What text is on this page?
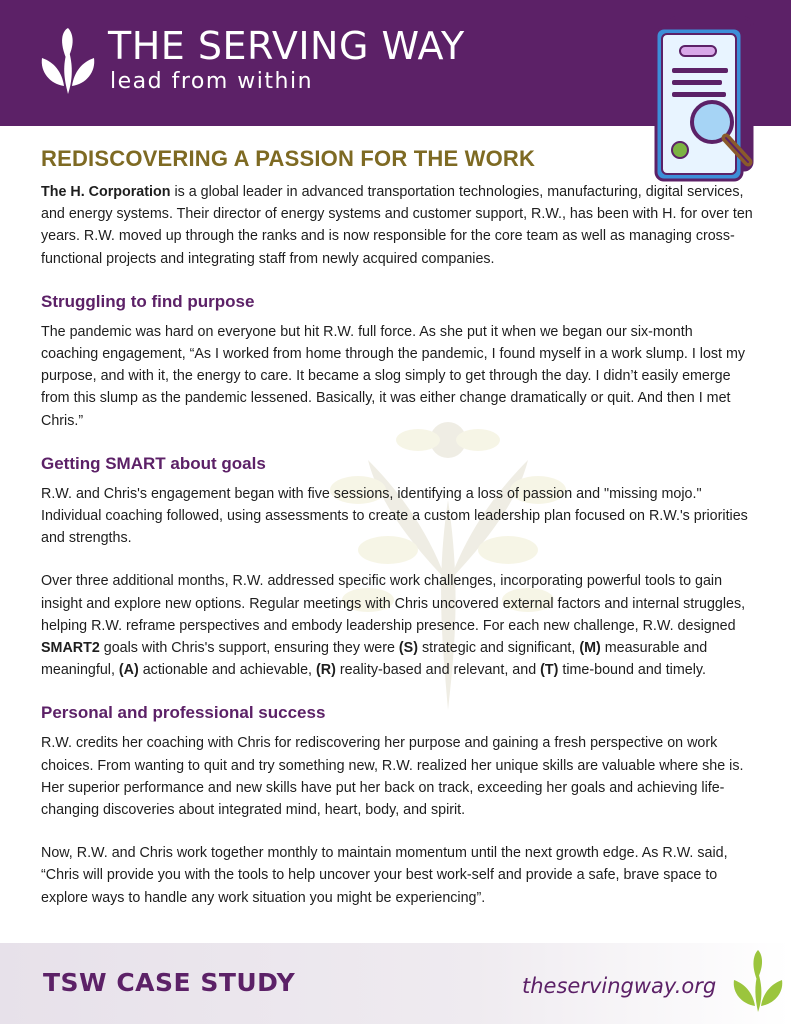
THE SERVING WAY
lead from within
REDISCOVERING A PASSION FOR THE WORK

The H. Corporation is a global leader in advanced transportation technologies, manufacturing, digital services, and energy systems. Their director of energy systems and customer support, R.W., has been with H. for over ten years. R.W. moved up through the ranks and is now responsible for the core team as well as managing cross-functional projects and integrating staff from newly acquired companies.

Struggling to find purpose

The pandemic was hard on everyone but hit R.W. full force. As she put it when we began our six-month coaching engagement, “As I worked from home through the pandemic, I found myself in a work slump. I lost my purpose, and with it, the energy to care. It became a slog simply to get through the day. I didn’t easily emerge from this slump as the pandemic lessened. Basically, it was either change dramatically or quit. And then I met Chris.”

Getting SMART about goals

R.W. and Chris's engagement began with five sessions, identifying a loss of passion and "missing mojo." Individual coaching followed, using assessments to create a custom leadership plan focused on R.W.'s priorities and strengths.

Over three additional months, R.W. addressed specific work challenges, incorporating powerful tools to gain insight and explore new options. Regular meetings with Chris uncovered external factors and internal struggles, helping R.W. reframe perspectives and embody leadership presence. For each new challenge, R.W. designed SMART2 goals with Chris's support, ensuring they were (S) strategic and significant, (M) measurable and meaningful, (A) actionable and achievable, (R) reality-based and relevant, and (T) time-bound and timely.

Personal and professional success

R.W. credits her coaching with Chris for rediscovering her purpose and gaining a fresh perspective on work choices. From wanting to quit and try something new, R.W. realized her unique skills are valuable where she is. Her superior performance and new skills have put her back on track, exceeding her goals and achieving life-changing discoveries about integrated mind, heart, body, and spirit.

Now, R.W. and Chris work together monthly to maintain momentum until the next growth edge. As R.W. said, “Chris will provide you with the tools to help uncover your best work-self and provide a safe, brave space to explore ways to handle any work situation you might be experiencing”.

TSW CASE STUDY	theservingway.org
